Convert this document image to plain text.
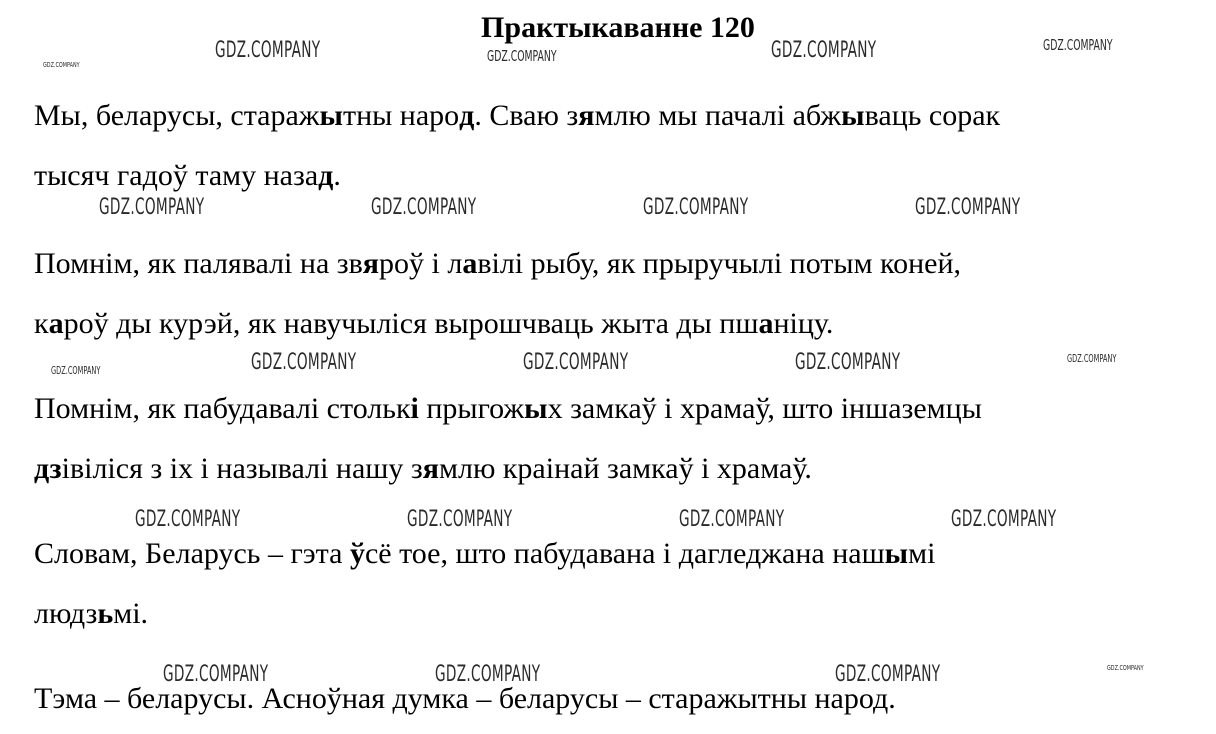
Практыкаванне 120
Мы, беларусы, старaжытны народ. Сваю зямлю мы пачалі абжываць сорак
тысяч гадоў таму назад.
Помнім, як палявалі на звяроў і лавілі рыбу, як прыручылі потым коней,
кароў ды курэй, як навучыліся вырошчваць жыта ды пшаніцу.
Помнім, як пабудавалі столькі прыгожых замкаў і храмаў, што іншаземцы
дзівіліся з іх і называлі нашу зямлю краінай замкаў і храмаў.
Словам, Беларусь – гэта ўсё тое, што пабудавана і дагледжана нашымі
людзьмі.
Тэма – беларусы. Асноўная думка – беларусы – старажытны народ.
GDZ.COMPANY
GDZ.COMPANY	GDZ.COMPANY	GDZ.COMPANY	GDZ.COMPANY
GDZ.COMPANY	GDZ.COMPANY	GDZ.COMPANY	GDZ.COMPANY
GDZ.COMPANY	GDZ.COMPANY	GDZ.COMPANY	GDZ.COMPANY	GDZ.COMPANY
GDZ.COMPANY	GDZ.COMPANY	GDZ.COMPANY	GDZ.COMPANY
GDZ.COMPANY	GDZ.COMPANY	GDZ.COMPANY	GDZ.COMPANY
